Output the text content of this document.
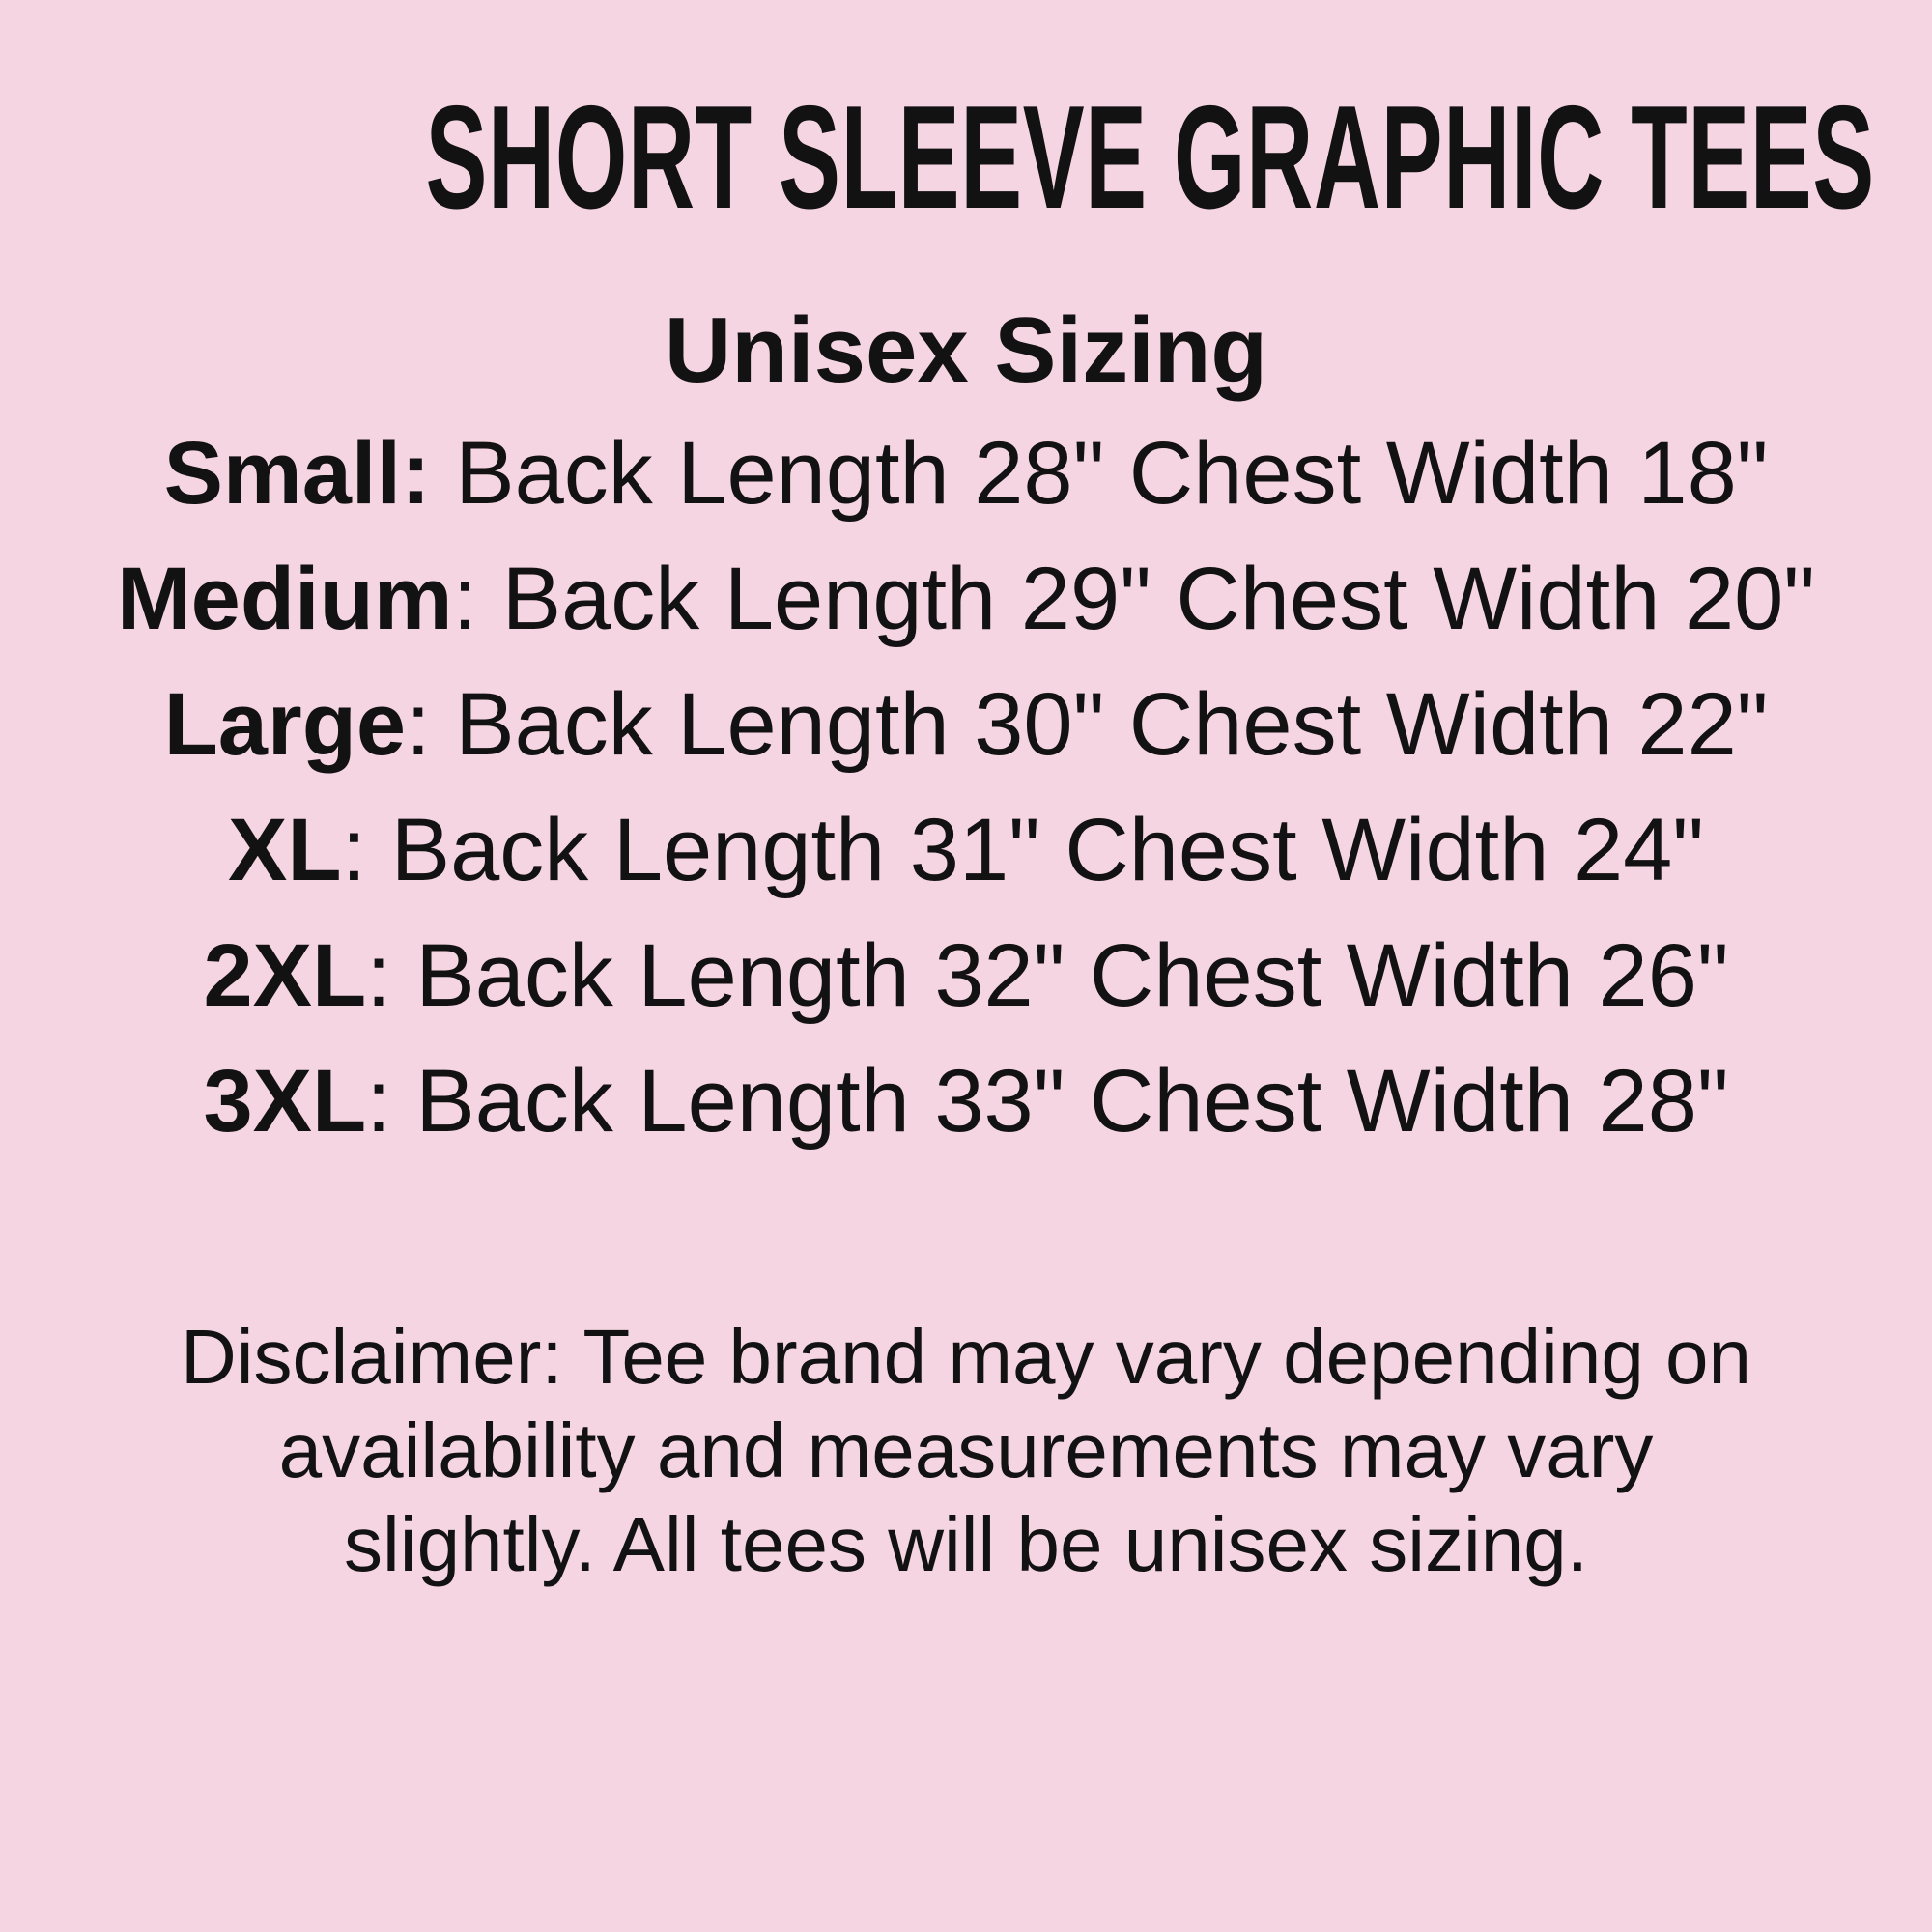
SHORT SLEEVE GRAPHIC TEES
Unisex Sizing
Small: Back Length 28" Chest Width 18"
Medium: Back Length 29" Chest Width 20"
Large: Back Length 30" Chest Width 22"
XL: Back Length 31" Chest Width 24"
2XL: Back Length 32" Chest Width 26"
3XL: Back Length 33" Chest Width 28"
Disclaimer: Tee brand may vary depending on
availability and measurements may vary
slightly. All tees will be unisex sizing.
